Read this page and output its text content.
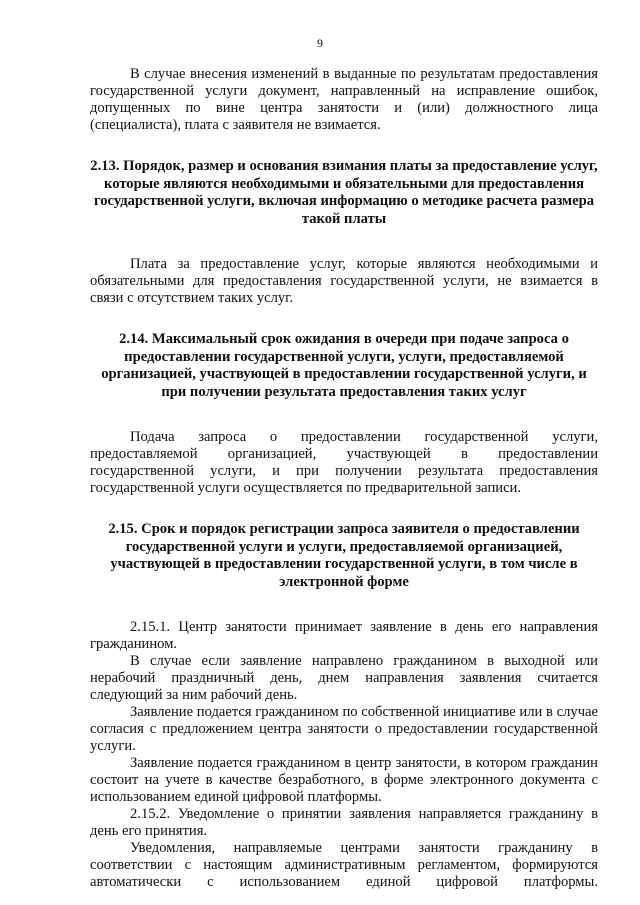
9

В случае внесения изменений в выданные по результатам предоставления государственной услуги документ, направленный на исправление ошибок, допущенных по вине центра занятости и (или) должностного лица (специалиста), плата с заявителя не взимается.

2.13. Порядок, размер и основания взимания платы за предоставление услуг, которые являются необходимыми и обязательными для предоставления государственной услуги, включая информацию о методике расчета размера такой платы

Плата за предоставление услуг, которые являются необходимыми и обязательными для предоставления государственной услуги, не взимается в связи с отсутствием таких услуг.

2.14. Максимальный срок ожидания в очереди при подаче запроса о предоставлении государственной услуги, услуги, предоставляемой организацией, участвующей в предоставлении государственной услуги, и при получении результата предоставления таких услуг

Подача запроса о предоставлении государственной услуги, предоставляемой организацией, участвующей в предоставлении государственной услуги, и при получении результата предоставления государственной услуги осуществляется по предварительной записи.

2.15. Срок и порядок регистрации запроса заявителя о предоставлении государственной услуги и услуги, предоставляемой организацией, участвующей в предоставлении государственной услуги, в том числе в электронной форме

2.15.1. Центр занятости принимает заявление в день его направления гражданином.

В случае если заявление направлено гражданином в выходной или нерабочий праздничный день, днем направления заявления считается следующий за ним рабочий день.

Заявление подается гражданином по собственной инициативе или в случае согласия с предложением центра занятости о предоставлении государственной услуги.

Заявление подается гражданином в центр занятости, в котором гражданин состоит на учете в качестве безработного, в форме электронного документа с использованием единой цифровой платформы.

2.15.2. Уведомление о принятии заявления направляется гражданину в день его принятия.

Уведомления, направляемые центрами занятости гражданину в соответствии с настоящим административным регламентом, формируются автоматически с использованием единой цифровой платформы.
